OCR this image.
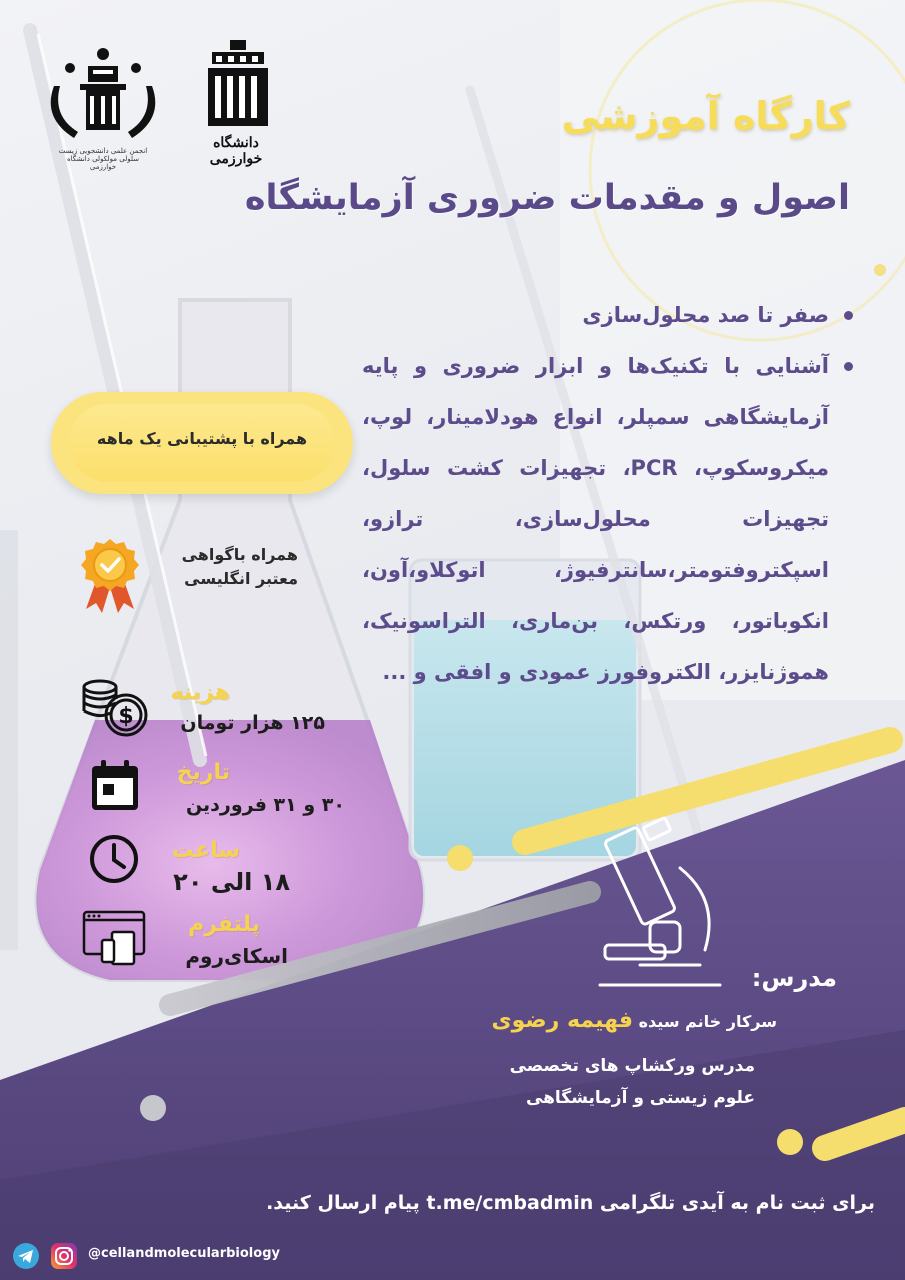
انجمن علمی دانشجویی زیست سلولی مولکولی دانشگاه خوارزمی
دانشگاه خوارزمی
کارگاه آموزشی
اصول و مقدمات ضروری آزمایشگاه
صفر تا صد محلول‌سازی
آشنایی با تکنیک‌ها و ابزار ضروری و پایه آزمایشگاهی سمپلر، انواع هودلامینار، لوپ، میکروسکوپ، PCR، تجهیزات کشت سلول، تجهیزات محلول‌سازی، ترازو، اسپکتروفتومتر،سانترفیوژ، اتوکلاو،آون، انکوباتور، ورتکس، بن‌ماری، التراسونیک، هموژنایزر، الکتروفورز عمودی و افقی و ...
همراه با پشتیبانی یک ماهه
همراه باگواهی
معتبر انگلیسی
$
هزینه
۱۲۵ هزار تومان
تاریخ
۳۰ و ۳۱ فروردین
ساعت
۱۸ الی ۲۰
پلتفرم
اسکای‌روم
مدرس:
سرکار خانم سیده فهیمه رضوی
مدرس ورکشاپ های تخصصی
علوم زیستی و آزمایشگاهی
برای ثبت نام به آیدی تلگرامی t.me/cmbadmin پیام ارسال کنید.
@cellandmolecularbiology
